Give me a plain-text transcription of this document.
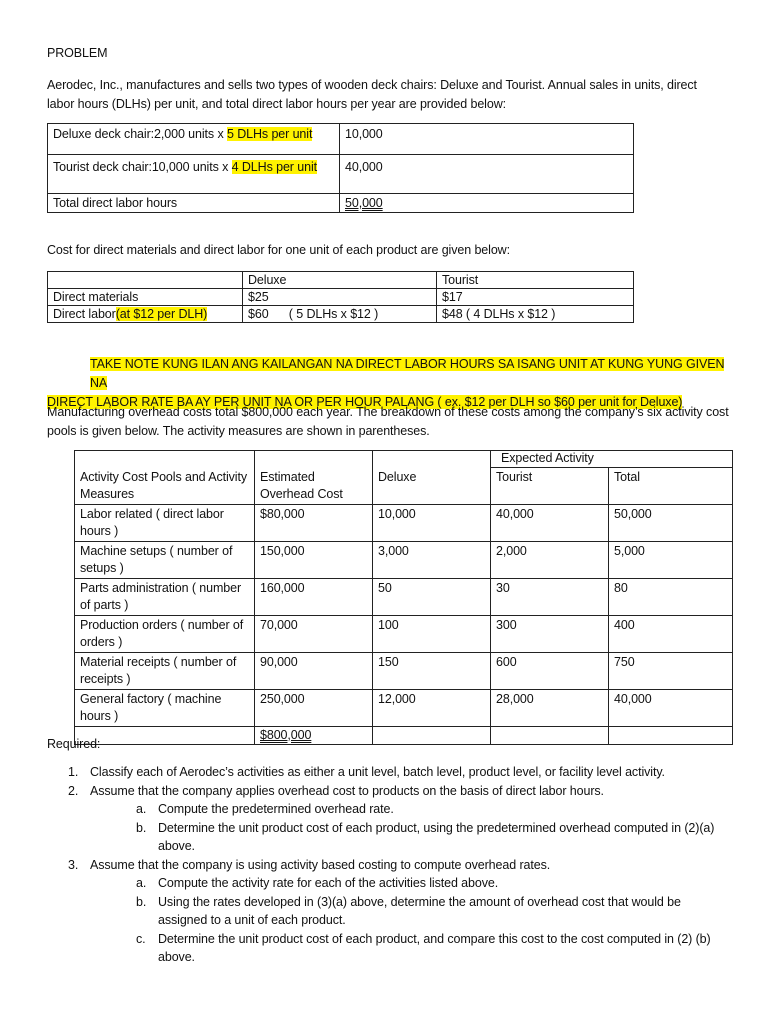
PROBLEM
Aerodec, Inc., manufactures and sells two types of wooden deck chairs: Deluxe and Tourist. Annual sales in units, direct labor hours (DLHs) per unit, and total direct labor hours per year are provided below:
Deluxe deck chair:2,000 units x 5 DLHs per unit	10,000
Tourist deck chair:10,000 units x 4 DLHs per unit	40,000
Total direct labor hours	50,000
Cost for direct materials and direct labor for one unit of each product are given below:
	Deluxe	Tourist
Direct materials	$25	$17
Direct labor(at $12 per DLH)	$60      ( 5 DLHs x $12 )	$48 ( 4 DLHs x $12 )
TAKE NOTE KUNG ILAN ANG KAILANGAN NA DIRECT LABOR HOURS SA ISANG UNIT AT KUNG YUNG GIVEN NA
DIRECT LABOR RATE BA AY PER UNIT NA OR PER HOUR PALANG ( ex. $12 per DLH so $60 per unit for Deluxe)
Manufacturing overhead costs total $800,000 each year. The breakdown of these costs among the company’s six activity cost pools is given below. The activity measures are shown in parentheses.
			Expected Activity	
Activity Cost Pools and Activity Measures	Estimated Overhead Cost	Deluxe	Tourist	Total
Labor related ( direct labor hours )	$80,000	10,000	40,000	50,000
Machine setups ( number of setups )	150,000	3,000	2,000	5,000
Parts administration ( number of parts )	160,000	50	30	80
Production orders ( number of orders )	70,000	100	300	400
Material receipts ( number of receipts )	90,000	150	600	750
General factory ( machine hours )	250,000	12,000	28,000	40,000
	$800,000			
Required:
1. Classify each of Aerodec’s activities as either a unit level, batch level, product level, or facility level activity.
2. Assume that the company applies overhead cost to products on the basis of direct labor hours.
a. Compute the predetermined overhead rate.
b. Determine the unit product cost of each product, using the predetermined overhead computed in (2)(a) above.
3. Assume that the company is using activity based costing to compute overhead rates.
a. Compute the activity rate for each of the activities listed above.
b. Using the rates developed in (3)(a) above, determine the amount of overhead cost that would be assigned to a unit of each product.
c. Determine the unit product cost of each product, and compare this cost to the cost computed in (2) (b) above.
